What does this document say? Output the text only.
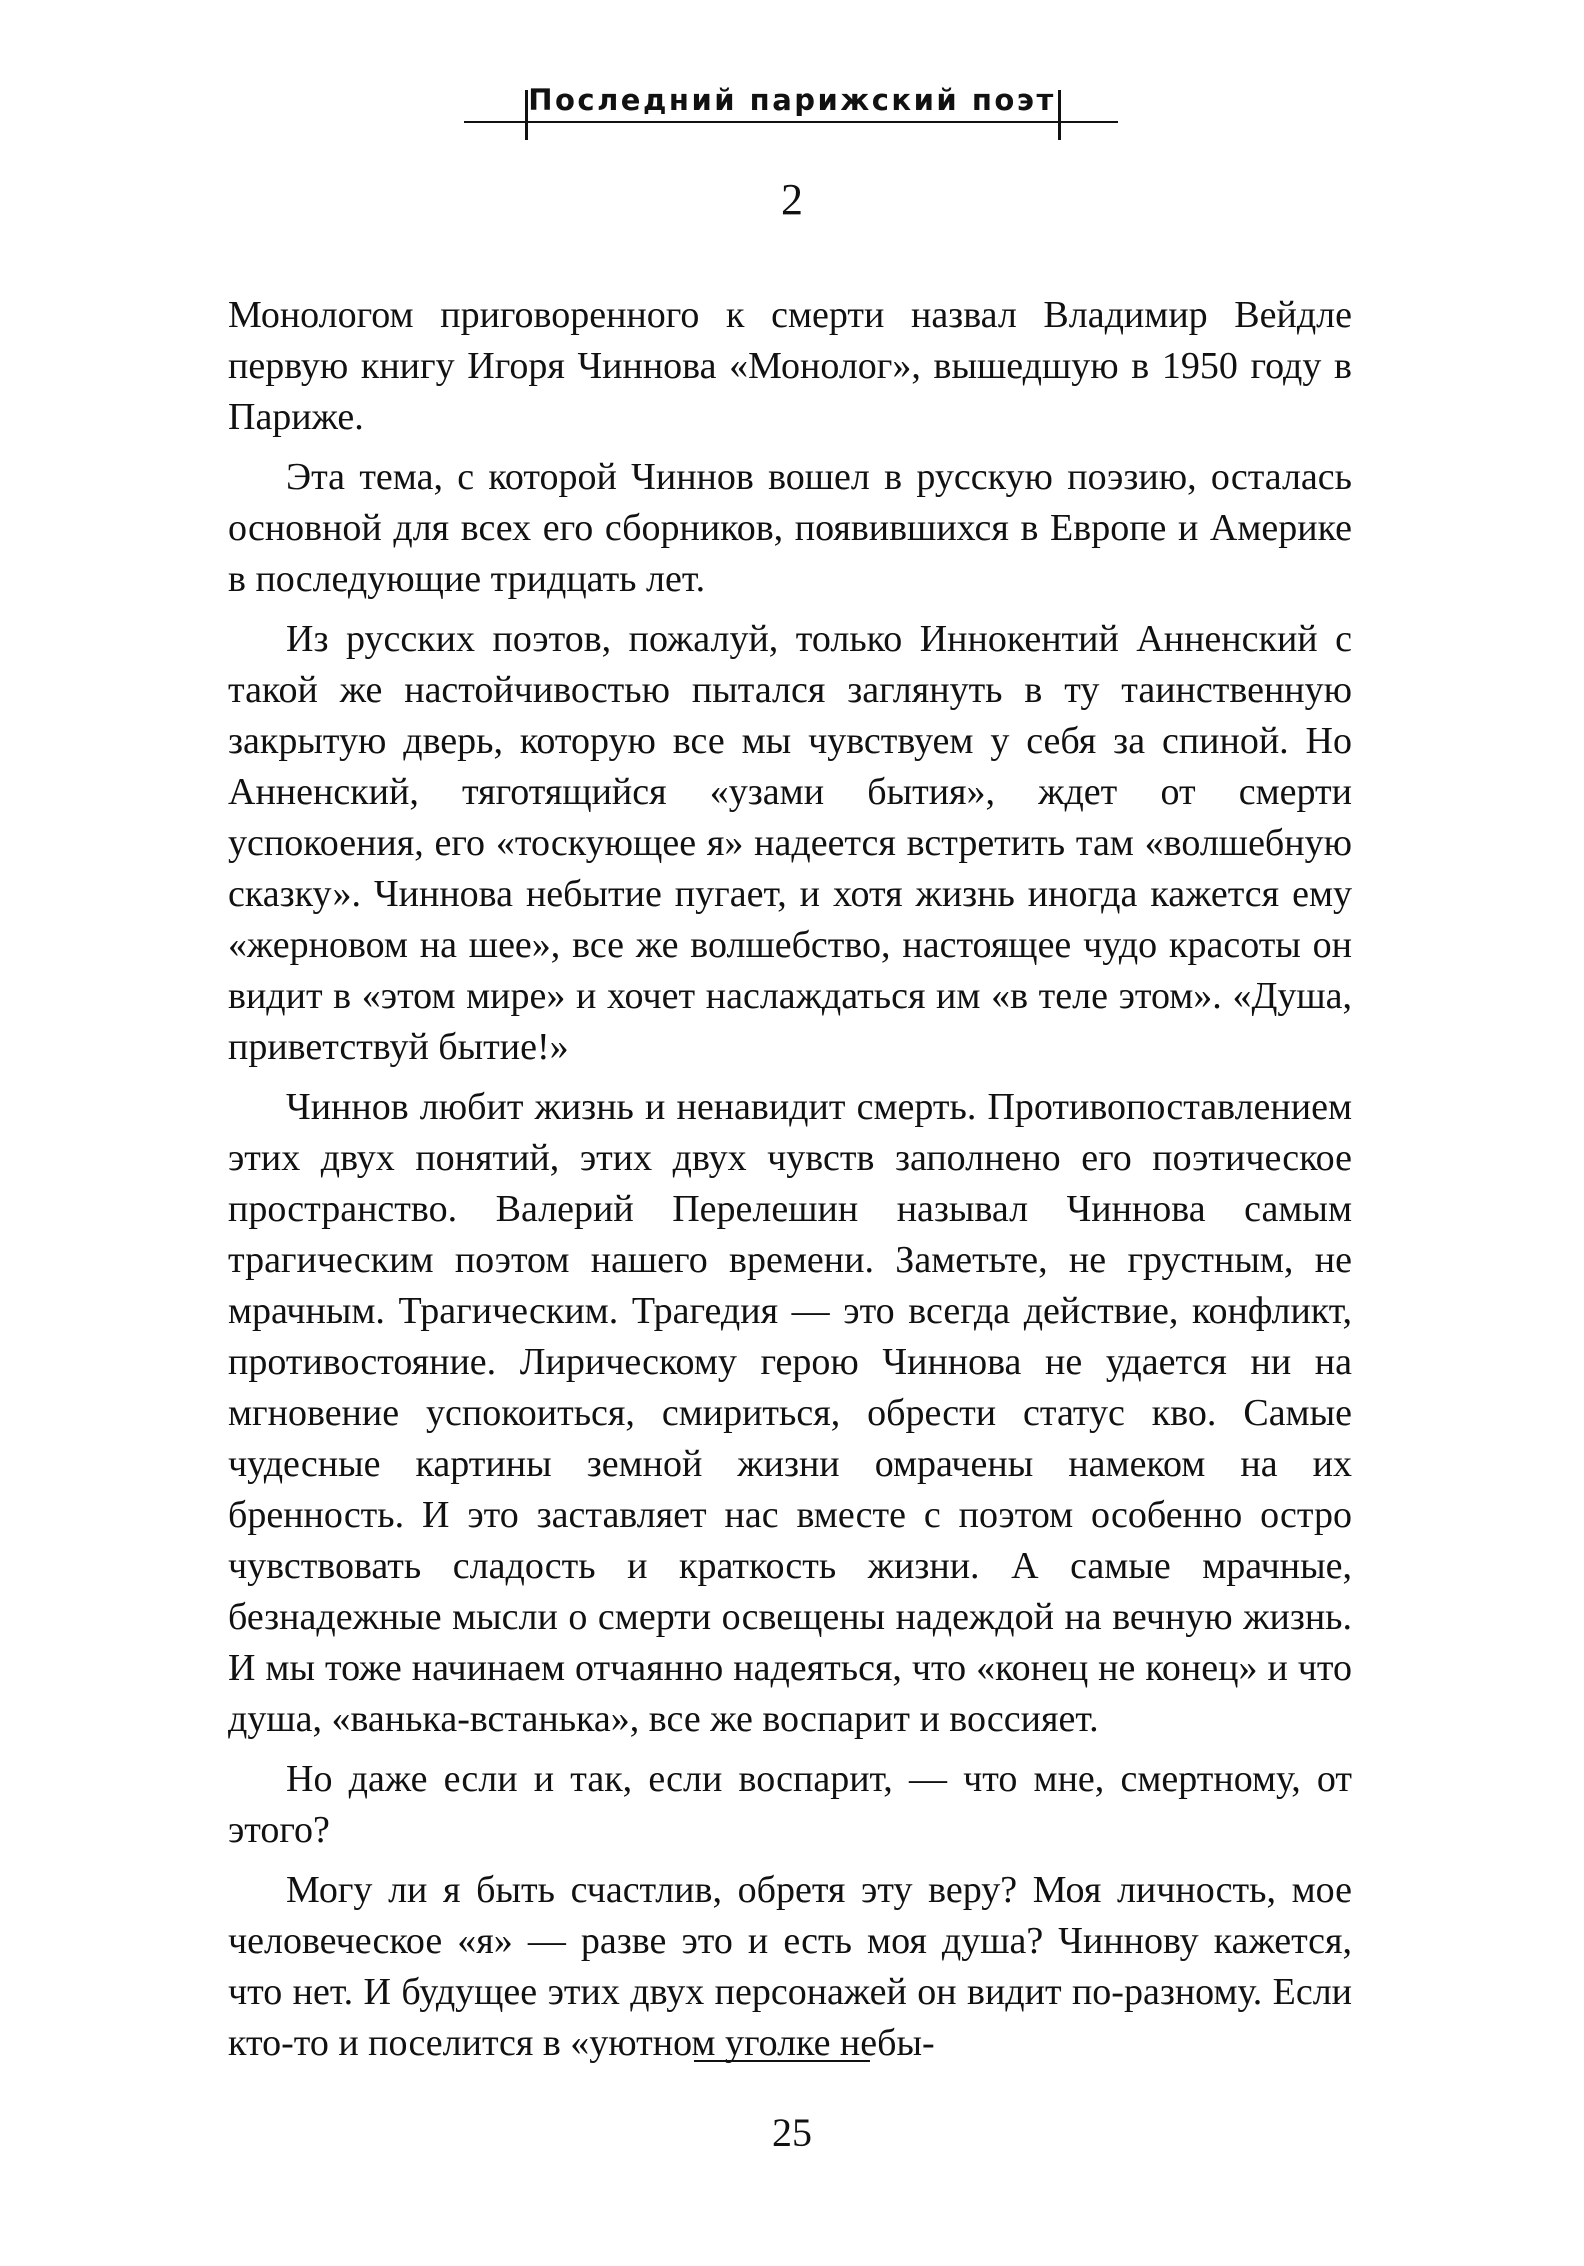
Последний парижский поэт
2

Монологом приговоренного к смерти назвал Владимир Вейдле первую книгу Игоря Чиннова «Монолог», вышедшую в 1950 году в Париже.

Эта тема, с которой Чиннов вошел в русскую поэзию, осталась основной для всех его сборников, появившихся в Европе и Америке в последующие тридцать лет.

Из русских поэтов, пожалуй, только Иннокентий Анненский с такой же настойчивостью пытался заглянуть в ту таинственную закрытую дверь, которую все мы чувствуем у себя за спиной. Но Анненский, тяготящийся «узами бытия», ждет от смерти успокоения, его «тоскующее я» надеется встретить там «волшебную сказку». Чиннова небытие пугает, и хотя жизнь иногда кажется ему «жерновом на шее», все же волшебство, настоящее чудо красоты он видит в «этом мире» и хочет наслаждаться им «в теле этом». «Душа, приветствуй бытие!»

Чиннов любит жизнь и ненавидит смерть. Противопоставлением этих двух понятий, этих двух чувств заполнено его поэтическое пространство. Валерий Перелешин называл Чиннова самым трагическим поэтом нашего времени. Заметьте, не грустным, не мрачным. Трагическим. Трагедия — это всегда действие, конфликт, противостояние. Лирическому герою Чиннова не удается ни на мгновение успокоиться, смириться, обрести статус кво. Самые чудесные картины земной жизни омрачены намеком на их бренность. И это заставляет нас вместе с поэтом особенно остро чувствовать сладость и краткость жизни. А самые мрачные, безнадежные мысли о смерти освещены надеждой на вечную жизнь. И мы тоже начинаем отчаянно надеяться, что «конец не конец» и что душа, «ванька-встанька», все же воспарит и воссияет.

Но даже если и так, если воспарит, — что мне, смертному, от этого?

Могу ли я быть счастлив, обретя эту веру? Моя личность, мое человеческое «я» — разве это и есть моя душа? Чиннову кажется, что нет. И будущее этих двух персонажей он видит по-разному. Если кто-то и поселится в «уютном уголке небы-

25
